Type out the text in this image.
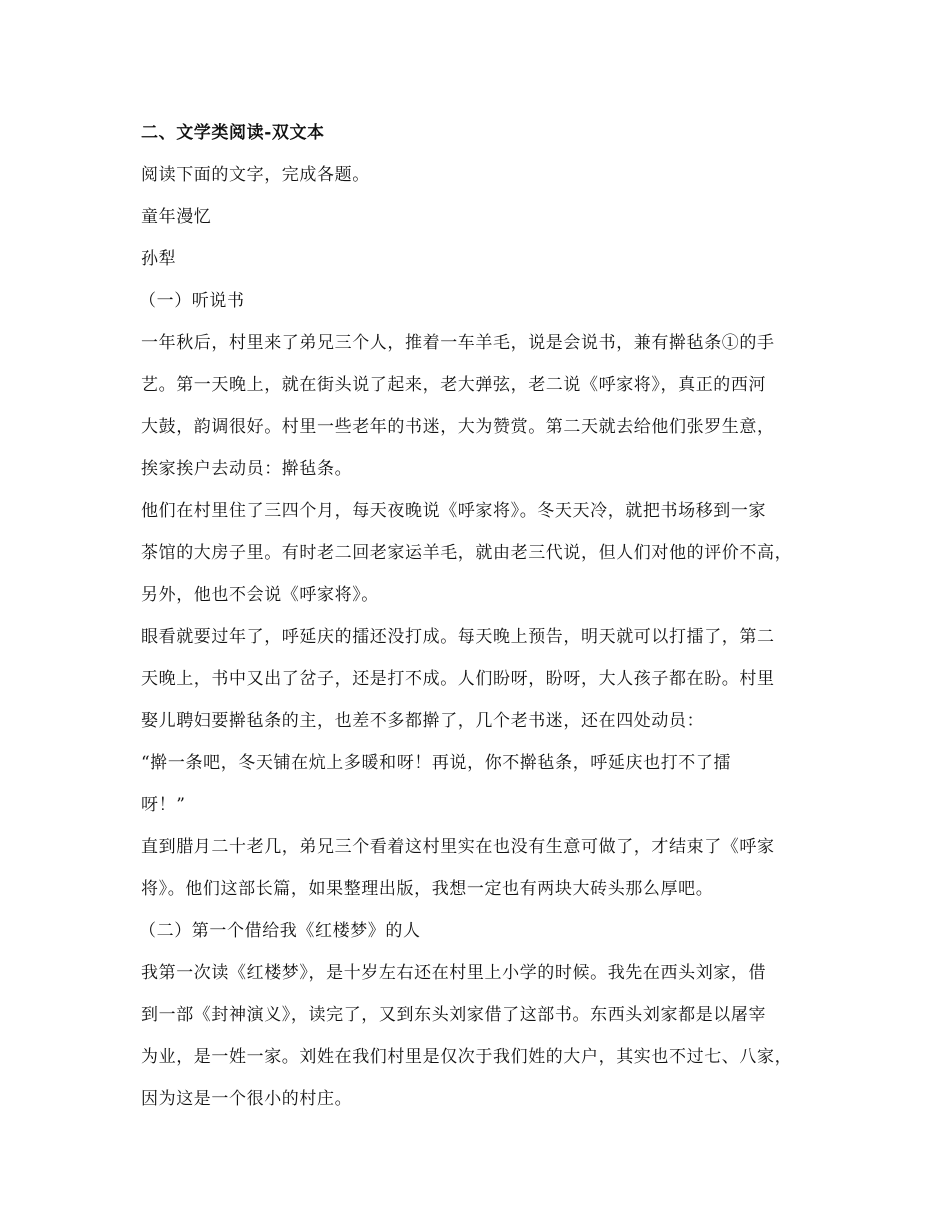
二、文学类阅读-双文本
阅读下面的文字，完成各题。
童年漫忆
孙犁
（一）听说书
一年秋后，村里来了弟兄三个人，推着一车羊毛，说是会说书，兼有擀毡条①的手
艺。第一天晚上，就在街头说了起来，老大弹弦，老二说《呼家将》，真正的西河
大鼓，韵调很好。村里一些老年的书迷，大为赞赏。第二天就去给他们张罗生意，
挨家挨户去动员：擀毡条。
他们在村里住了三四个月，每天夜晚说《呼家将》。冬天天冷，就把书场移到一家
茶馆的大房子里。有时老二回老家运羊毛，就由老三代说，但人们对他的评价不高，
另外，他也不会说《呼家将》。
眼看就要过年了，呼延庆的擂还没打成。每天晚上预告，明天就可以打擂了，第二
天晚上，书中又出了岔子，还是打不成。人们盼呀，盼呀，大人孩子都在盼。村里
娶儿聘妇要擀毡条的主，也差不多都擀了，几个老书迷，还在四处动员：
“擀一条吧，冬天铺在炕上多暖和呀！再说，你不擀毡条，呼延庆也打不了擂
呀！”
直到腊月二十老几，弟兄三个看着这村里实在也没有生意可做了，才结束了《呼家
将》。他们这部长篇，如果整理出版，我想一定也有两块大砖头那么厚吧。
（二）第一个借给我《红楼梦》的人
我第一次读《红楼梦》，是十岁左右还在村里上小学的时候。我先在西头刘家，借
到一部《封神演义》，读完了，又到东头刘家借了这部书。东西头刘家都是以屠宰
为业，是一姓一家。刘姓在我们村里是仅次于我们姓的大户，其实也不过七、八家，
因为这是一个很小的村庄。
